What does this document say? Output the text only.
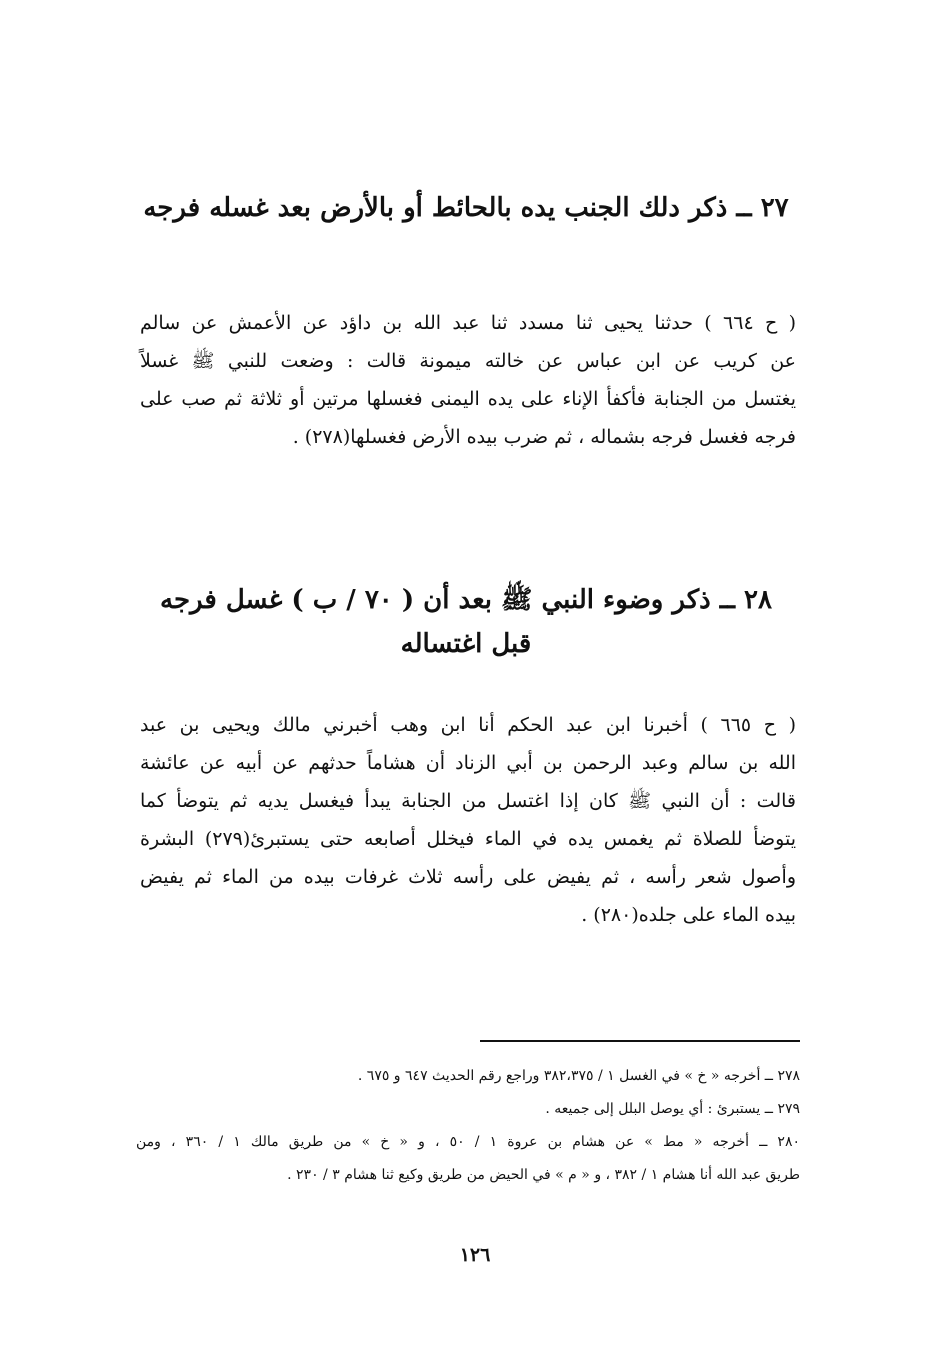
٢٧ ــ ذكر دلك الجنب يده بالحائط أو بالأرض بعد غسله فرجه
( ح ٦٦٤ ) حدثنا يحيى ثنا مسدد ثنا عبد الله بن داؤد عن الأعمش عن سالم
عن كريب عن ابن عباس عن خالته ميمونة قالت : وضعت للنبي ﷺ غسلاً
يغتسل من الجنابة فأكفأ الإناء على يده اليمنى فغسلها مرتين أو ثلاثة ثم صب على
فرجه فغسل فرجه بشماله ، ثم ضرب بيده الأرض فغسلها(٢٧٨) .
٢٨ ــ ذكر وضوء النبي ﷺ بعد أن ( ٧٠ / ب ) غسل فرجه
قبل اغتساله
( ح ٦٦٥ ) أخبرنا ابن عبد الحكم أنا ابن وهب أخبرني مالك ويحيى بن عبد
الله بن سالم وعبد الرحمن بن أبي الزناد أن هشاماً حدثهم عن أبيه عن عائشة
قالت : أن النبي ﷺ كان إذا اغتسل من الجنابة يبدأ فيغسل يديه ثم يتوضأ كما
يتوضأ للصلاة ثم يغمس يده في الماء فيخلل أصابعه حتى يستبرئ(٢٧٩) البشرة
وأصول شعر رأسه ، ثم يفيض على رأسه ثلاث غرفات بيده من الماء ثم يفيض
بيده الماء على جلده(٢٨٠) .
٢٧٨ ــ أخرجه « خ » في الغسل ١ / ٣٨٢،٣٧٥ وراجع رقم الحديث ٦٤٧ و ٦٧٥ .
٢٧٩ ــ يستبرئ : أي يوصل البلل إلى جميعه .
٢٨٠ ــ أخرجه « مط » عن هشام بن عروة ١ / ٥٠ ، و « خ » من طريق مالك ١ / ٣٦٠ ، ومن
طريق عبد الله أنا هشام ١ / ٣٨٢ ، و « م » في الحيض من طريق وكيع ثنا هشام ٣ / ٢٣٠ .
١٢٦
